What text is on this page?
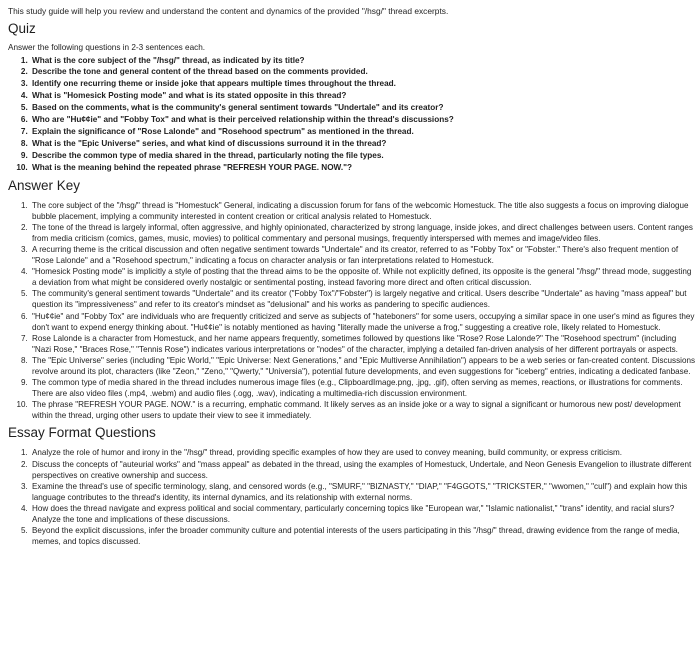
This study guide will help you review and understand the content and dynamics of the provided "/hsg/" thread excerpts.

Quiz

Answer the following questions in 2-3 sentences each.

1. What is the core subject of the "/hsg/" thread, as indicated by its title?
2. Describe the tone and general content of the thread based on the comments provided.
3. Identify one recurring theme or inside joke that appears multiple times throughout the thread.
4. What is "Homesick Posting mode" and what is its stated opposite in this thread?
5. Based on the comments, what is the community's general sentiment towards "Undertale" and its creator?
6. Who are "Hu¢¢ie" and "Fobby Tox" and what is their perceived relationship within the thread's discussions?
7. Explain the significance of "Rose Lalonde" and "Rosehood spectrum" as mentioned in the thread.
8. What is the "Epic Universe" series, and what kind of discussions surround it in the thread?
9. Describe the common type of media shared in the thread, particularly noting the file types.
10. What is the meaning behind the repeated phrase "REFRESH YOUR PAGE. NOW."?
Answer Key
1. The core subject of the "/hsg/" thread is "Homestuck" General, indicating a discussion forum for fans of the webcomic Homestuck. The title also suggests a focus on improving dialogue bubble placement, implying a community interested in content creation or critical analysis related to Homestuck.
2. The tone of the thread is largely informal, often aggressive, and highly opinionated, characterized by strong language, inside jokes, and direct challenges between users. Content ranges from media criticism (comics, games, music, movies) to political commentary and personal musings, frequently interspersed with memes and image/video files.
3. A recurring theme is the critical discussion and often negative sentiment towards "Undertale" and its creator, referred to as "Fobby Tox" or "Fobster." There's also frequent mention of "Rose Lalonde" and a "Rosehood spectrum," indicating a focus on character analysis or fan interpretations related to Homestuck.
4. "Homesick Posting mode" is implicitly a style of posting that the thread aims to be the opposite of. While not explicitly defined, its opposite is the general "/hsg/" thread mode, suggesting a deviation from what might be considered overly nostalgic or sentimental posting, instead favoring more direct and often critical discussion.
5. The community's general sentiment towards "Undertale" and its creator ("Fobby Tox"/"Fobster") is largely negative and critical. Users describe "Undertale" as having "mass appeal" but question its "impressiveness" and refer to its creator's mindset as "delusional" and his works as pandering to specific audiences.
6. "Hu¢¢ie" and "Fobby Tox" are individuals who are frequently criticized and serve as subjects of "hateboners" for some users, occupying a similar space in one user's mind as figures they don't want to expend energy thinking about. "Hu¢¢ie" is notably mentioned as having "literally made the universe a frog," suggesting a creative role, likely related to Homestuck.
7. Rose Lalonde is a character from Homestuck, and her name appears frequently, sometimes followed by questions like "Rose? Rose Lalonde?" The "Rosehood spectrum" (including "Nazi Rose," "Braces Rose," "Tennis Rose") indicates various interpretations or "nodes" of the character, implying a detailed fan-driven analysis of her different portrayals or aspects.
8. The "Epic Universe" series (including "Epic World," "Epic Universe: Next Generations," and "Epic Multiverse Annihilation") appears to be a web series or fan-created content. Discussions revolve around its plot, characters (like "Zeon," "Zeno," "Qwerty," "Universia"), potential future developments, and even suggestions for "iceberg" entries, indicating a dedicated fanbase.
9. The common type of media shared in the thread includes numerous image files (e.g., ClipboardImage.png, .jpg, .gif), often serving as memes, reactions, or illustrations for comments. There are also video files (.mp4, .webm) and audio files (.ogg, .wav), indicating a multimedia-rich discussion environment.
10. The phrase "REFRESH YOUR PAGE. NOW." is a recurring, emphatic command. It likely serves as an inside joke or a way to signal a significant or humorous new post/ development within the thread, urging other users to update their view to see it immediately.
Essay Format Questions
1. Analyze the role of humor and irony in the "/hsg/" thread, providing specific examples of how they are used to convey meaning, build community, or express criticism.
2. Discuss the concepts of "auteurial works" and "mass appeal" as debated in the thread, using the examples of Homestuck, Undertale, and Neon Genesis Evangelion to illustrate different perspectives on creative ownership and success.
3. Examine the thread's use of specific terminology, slang, and censored words (e.g., "SMURF," "BIZNASTY," "DIAP," "F4GGOTS," "TRICKSTER," "wwomen," "cull") and explain how this language contributes to the thread's identity, its internal dynamics, and its relationship with external norms.
4. How does the thread navigate and express political and social commentary, particularly concerning topics like "European war," "Islamic nationalist," "trans" identity, and racial slurs? Analyze the tone and implications of these discussions.
5. Beyond the explicit discussions, infer the broader community culture and potential interests of the users participating in this "/hsg/" thread, drawing evidence from the range of media, memes, and topics discussed.
